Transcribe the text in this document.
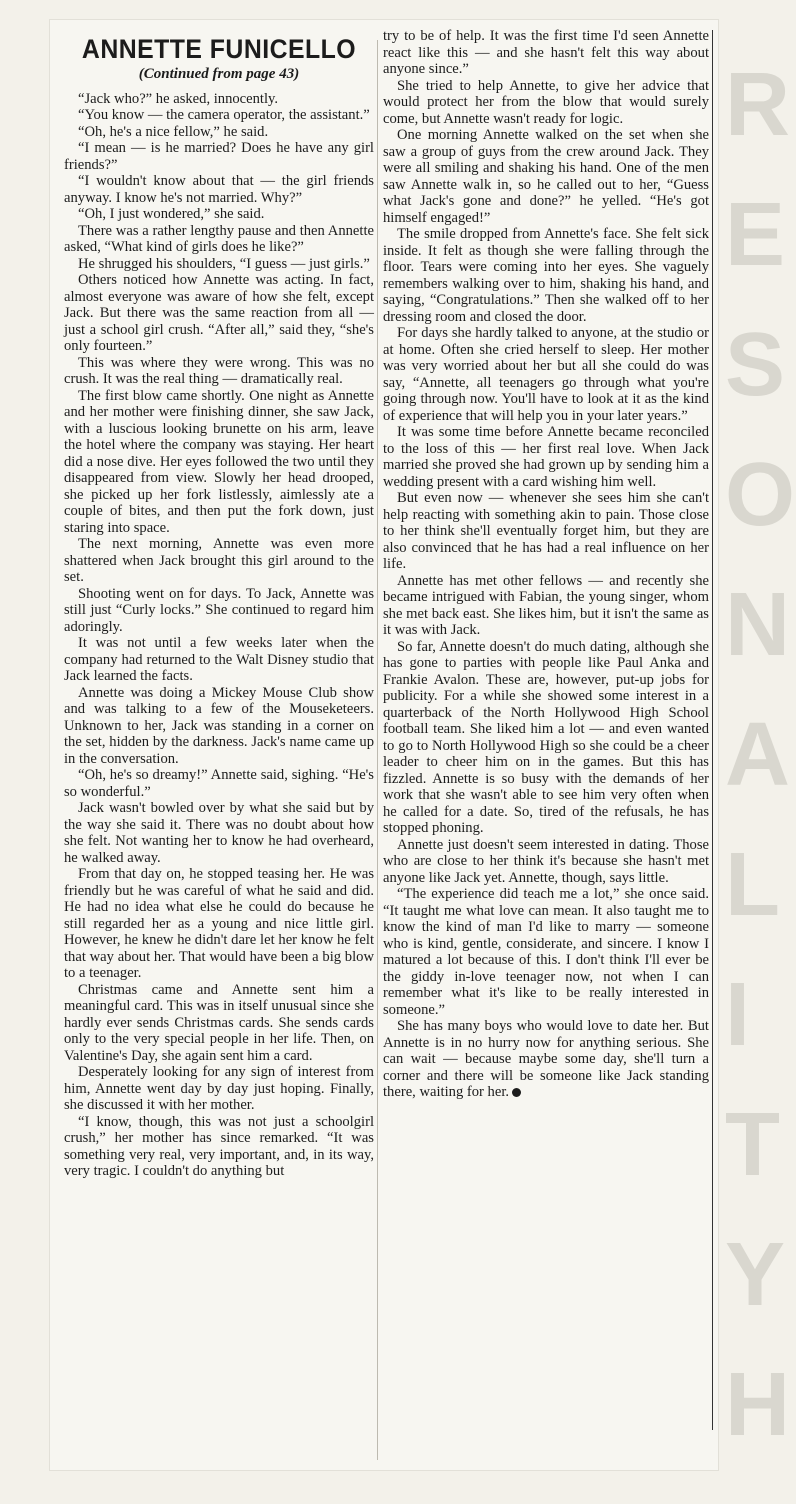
ANNETTE FUNICELLO
(Continued from page 43)

“Jack who?” he asked, innocently.

“You know — the camera operator, the assistant.”

“Oh, he's a nice fellow,” he said.

“I mean — is he married? Does he have any girl friends?”

“I wouldn't know about that — the girl friends anyway. I know he's not married. Why?”

“Oh, I just wondered,” she said.

There was a rather lengthy pause and then Annette asked, “What kind of girls does he like?”

He shrugged his shoulders, “I guess — just girls.”

Others noticed how Annette was acting. In fact, almost everyone was aware of how she felt, except Jack. But there was the same reaction from all — just a school girl crush. “After all,” said they, “she's only fourteen.”

This was where they were wrong. This was no crush. It was the real thing — dramatically real.

The first blow came shortly. One night as Annette and her mother were finishing dinner, she saw Jack, with a luscious looking brunette on his arm, leave the hotel where the company was staying. Her heart did a nose dive. Her eyes followed the two until they disappeared from view. Slowly her head drooped, she picked up her fork listlessly, aimlessly ate a couple of bites, and then put the fork down, just staring into space.

The next morning, Annette was even more shattered when Jack brought this girl around to the set.

Shooting went on for days. To Jack, Annette was still just “Curly locks.” She continued to regard him adoringly.

It was not until a few weeks later when the company had returned to the Walt Disney studio that Jack learned the facts.

Annette was doing a Mickey Mouse Club show and was talking to a few of the Mouseketeers. Unknown to her, Jack was standing in a corner on the set, hidden by the darkness. Jack's name came up in the conversation.

“Oh, he's so dreamy!” Annette said, sighing. “He's so wonderful.”

Jack wasn't bowled over by what she said but by the way she said it. There was no doubt about how she felt. Not wanting her to know he had overheard, he walked away.

From that day on, he stopped teasing her. He was friendly but he was careful of what he said and did. He had no idea what else he could do because he still regarded her as a young and nice little girl. However, he knew he didn't dare let her know he felt that way about her. That would have been a big blow to a teenager.

Christmas came and Annette sent him a meaningful card. This was in itself unusual since she hardly ever sends Christmas cards. She sends cards only to the very special people in her life. Then, on Valentine's Day, she again sent him a card.

Desperately looking for any sign of interest from him, Annette went day by day just hoping. Finally, she discussed it with her mother.

“I know, though, this was not just a schoolgirl crush,” her mother has since remarked. “It was something very real, very important, and, in its way, very tragic. I couldn't do anything but

try to be of help. It was the first time I'd seen Annette react like this — and she hasn't felt this way about anyone since.”

She tried to help Annette, to give her advice that would protect her from the blow that would surely come, but Annette wasn't ready for logic.

One morning Annette walked on the set when she saw a group of guys from the crew around Jack. They were all smiling and shaking his hand. One of the men saw Annette walk in, so he called out to her, “Guess what Jack's gone and done?” he yelled. “He's got himself engaged!”

The smile dropped from Annette's face. She felt sick inside. It felt as though she were falling through the floor. Tears were coming into her eyes. She vaguely remembers walking over to him, shaking his hand, and saying, “Congratulations.” Then she walked off to her dressing room and closed the door.

For days she hardly talked to anyone, at the studio or at home. Often she cried herself to sleep. Her mother was very worried about her but all she could do was say, “Annette, all teenagers go through what you're going through now. You'll have to look at it as the kind of experience that will help you in your later years.”

It was some time before Annette became reconciled to the loss of this — her first real love. When Jack married she proved she had grown up by sending him a wedding present with a card wishing him well.

But even now — whenever she sees him she can't help reacting with something akin to pain. Those close to her think she'll eventually forget him, but they are also convinced that he has had a real influence on her life.

Annette has met other fellows — and recently she became intrigued with Fabian, the young singer, whom she met back east. She likes him, but it isn't the same as it was with Jack.

So far, Annette doesn't do much dating, although she has gone to parties with people like Paul Anka and Frankie Avalon. These are, however, put-up jobs for publicity. For a while she showed some interest in a quarterback of the North Hollywood High School football team. She liked him a lot — and even wanted to go to North Hollywood High so she could be a cheer leader to cheer him on in the games. But this has fizzled. Annette is so busy with the demands of her work that she wasn't able to see him very often when he called for a date. So, tired of the refusals, he has stopped phoning.

Annette just doesn't seem interested in dating. Those who are close to her think it's because she hasn't met anyone like Jack yet. Annette, though, says little.

“The experience did teach me a lot,” she once said. “It taught me what love can mean. It also taught me to know the kind of man I'd like to marry — someone who is kind, gentle, considerate, and sincere. I know I matured a lot because of this. I don't think I'll ever be the giddy in-love teenager now, not when I can remember what it's like to be really interested in someone.”

She has many boys who would love to date her. But Annette is in no hurry now for anything serious. She can wait — because maybe some day, she'll turn a corner and there will be someone like Jack standing there, waiting for her.

R
E
S
O
N
A
L
I
T
Y
H
